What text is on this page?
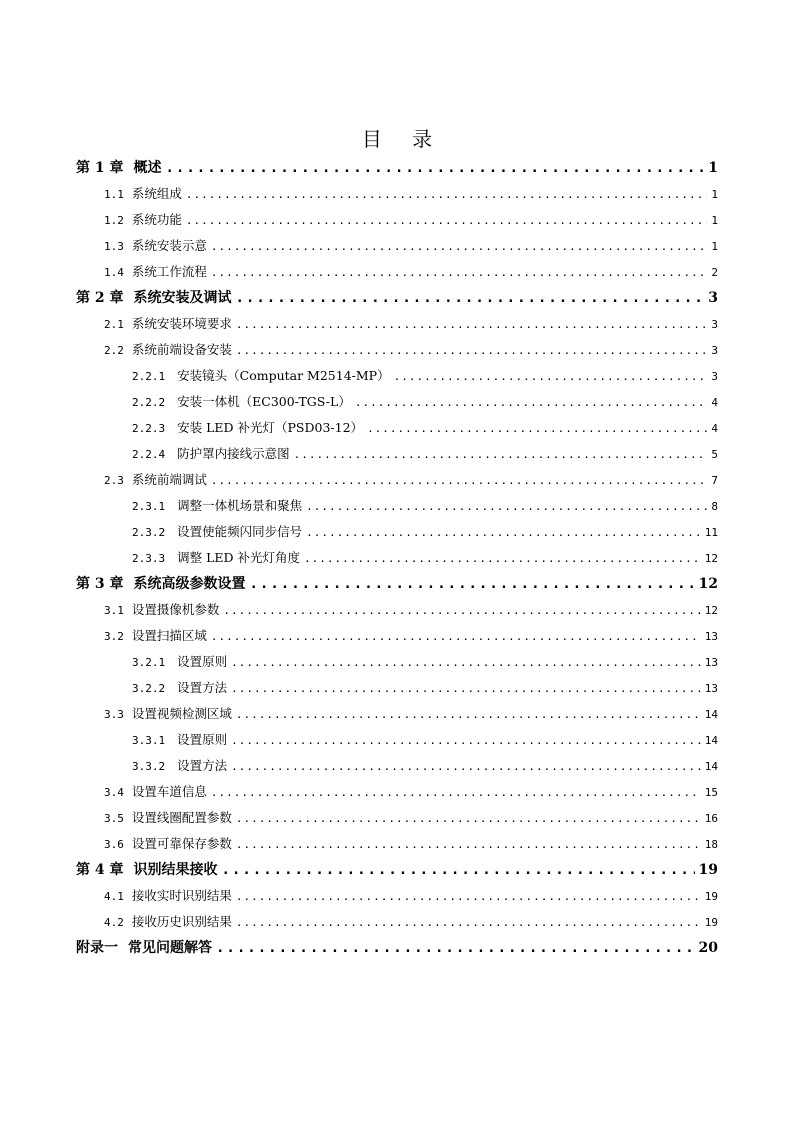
目 录
第 1 章 概述 .....	1
1.1 系统组成 .....	1
1.2 系统功能 .....	1
1.3 系统安装示意 .....	1
1.4 系统工作流程 .....	2
第 2 章 系统安装及调试 .....	3
2.1 系统安装环境要求 .....	3
2.2 系统前端设备安装 .....	3
2.2.1 安装镜头（Computar M2514-MP） .....	3
2.2.2 安装一体机（EC300-TGS-L） .....	4
2.2.3 安装 LED 补光灯（PSD03-12） .....	4
2.2.4 防护罩内接线示意图 .....	5
2.3 系统前端调试 .....	7
2.3.1 调整一体机场景和聚焦 .....	8
2.3.2 设置使能频闪同步信号 .....	11
2.3.3 调整 LED 补光灯角度 .....	12
第 3 章 系统高级参数设置 .....	12
3.1 设置摄像机参数 .....	12
3.2 设置扫描区域 .....	13
3.2.1 设置原则 .....	13
3.2.2 设置方法 .....	13
3.3 设置视频检测区域 .....	14
3.3.1 设置原则 .....	14
3.3.2 设置方法 .....	14
3.4 设置车道信息 .....	15
3.5 设置线圈配置参数 .....	16
3.6 设置可靠保存参数 .....	18
第 4 章 识别结果接收 .....	19
4.1 接收实时识别结果 .....	19
4.2 接收历史识别结果 .....	19
附录一 常见问题解答 .....	20
